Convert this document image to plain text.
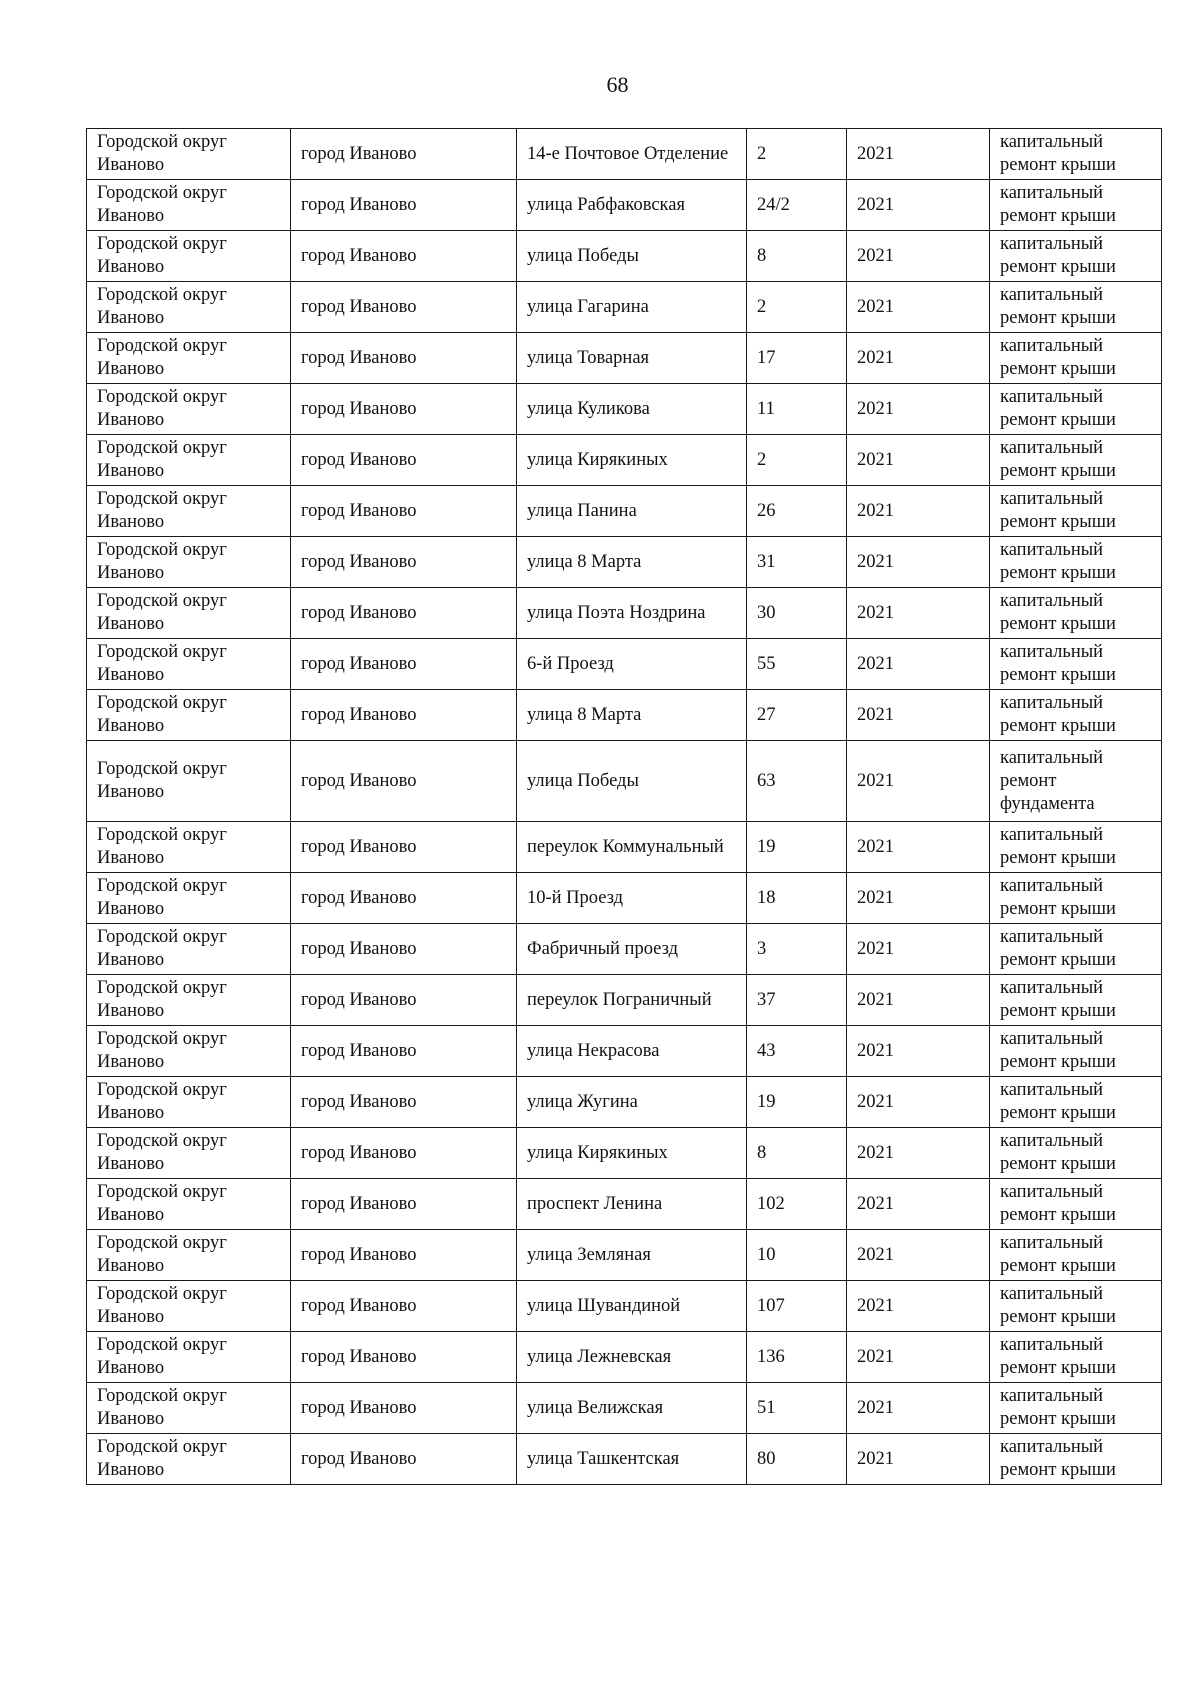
68
Городской округ Иваново	город Иваново	14-е Почтовое Отделение	2	2021	капитальный ремонт крыши
Городской округ Иваново	город Иваново	улица Рабфаковская	24/2	2021	капитальный ремонт крыши
Городской округ Иваново	город Иваново	улица Победы	8	2021	капитальный ремонт крыши
Городской округ Иваново	город Иваново	улица Гагарина	2	2021	капитальный ремонт крыши
Городской округ Иваново	город Иваново	улица Товарная	17	2021	капитальный ремонт крыши
Городской округ Иваново	город Иваново	улица Куликова	11	2021	капитальный ремонт крыши
Городской округ Иваново	город Иваново	улица Кирякиных	2	2021	капитальный ремонт крыши
Городской округ Иваново	город Иваново	улица Панина	26	2021	капитальный ремонт крыши
Городской округ Иваново	город Иваново	улица 8 Марта	31	2021	капитальный ремонт крыши
Городской округ Иваново	город Иваново	улица Поэта Ноздрина	30	2021	капитальный ремонт крыши
Городской округ Иваново	город Иваново	6-й Проезд	55	2021	капитальный ремонт крыши
Городской округ Иваново	город Иваново	улица 8 Марта	27	2021	капитальный ремонт крыши
Городской округ Иваново	город Иваново	улица Победы	63	2021	капитальный ремонт фундамента
Городской округ Иваново	город Иваново	переулок Коммунальный	19	2021	капитальный ремонт крыши
Городской округ Иваново	город Иваново	10-й Проезд	18	2021	капитальный ремонт крыши
Городской округ Иваново	город Иваново	Фабричный проезд	3	2021	капитальный ремонт крыши
Городской округ Иваново	город Иваново	переулок Пограничный	37	2021	капитальный ремонт крыши
Городской округ Иваново	город Иваново	улица Некрасова	43	2021	капитальный ремонт крыши
Городской округ Иваново	город Иваново	улица Жугина	19	2021	капитальный ремонт крыши
Городской округ Иваново	город Иваново	улица Кирякиных	8	2021	капитальный ремонт крыши
Городской округ Иваново	город Иваново	проспект Ленина	102	2021	капитальный ремонт крыши
Городской округ Иваново	город Иваново	улица Земляная	10	2021	капитальный ремонт крыши
Городской округ Иваново	город Иваново	улица Шувандиной	107	2021	капитальный ремонт крыши
Городской округ Иваново	город Иваново	улица Лежневская	136	2021	капитальный ремонт крыши
Городской округ Иваново	город Иваново	улица Велижская	51	2021	капитальный ремонт крыши
Городской округ Иваново	город Иваново	улица Ташкентская	80	2021	капитальный ремонт крыши
